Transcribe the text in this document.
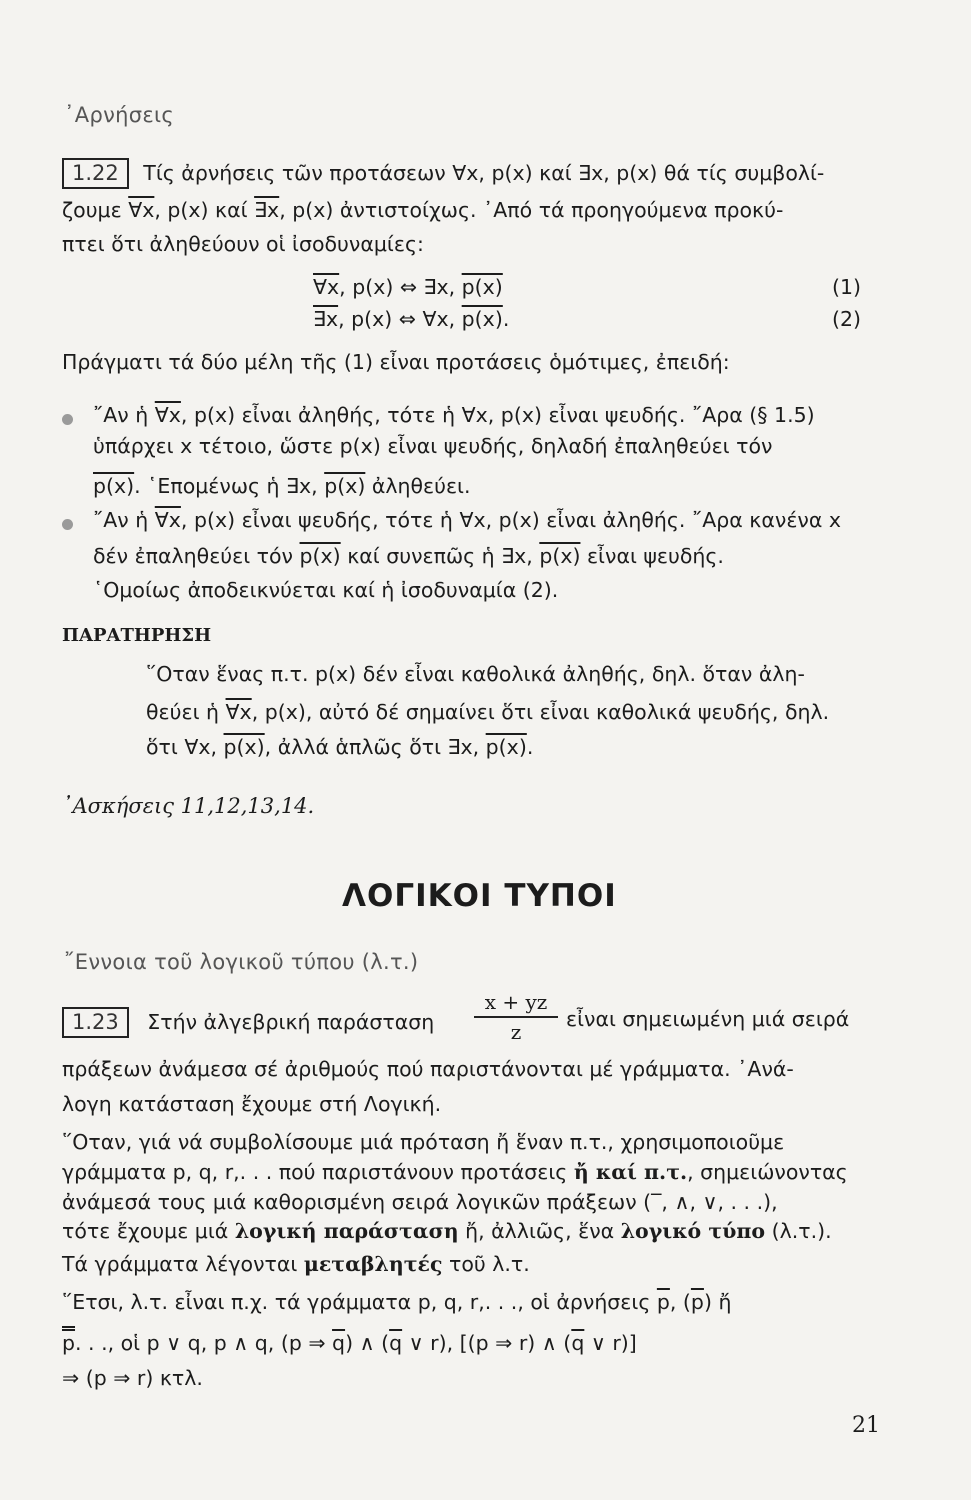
᾿Αρνήσεις
1.22 Τίς ἀρνήσεις τῶν προτάσεων ∀x, p(x) καί ∃x, p(x) θά τίς συμβολί-
ζουμε ∀x, p(x) καί ∃x, p(x) ἀντιστοίχως. ᾿Από τά προηγούμενα προκύ-
πτει ὅτι ἀληθεύουν οἱ ἰσοδυναμίες:
∀x, p(x) ⇔ ∃x, p(x)	(1)
∃x, p(x) ⇔ ∀x, p(x).	(2)
Πράγματι τά δύο μέλη τῆς (1) εἶναι προτάσεις ὁμότιμες, ἐπειδή:
῎Αν ἡ ∀x, p(x) εἶναι ἀληθής, τότε ἡ ∀x, p(x) εἶναι ψευδής. ῎Αρα (§ 1.5)
ὑπάρχει x τέτοιο, ὥστε p(x) εἶναι ψευδής, δηλαδή ἐπαληθεύει τόν
p(x). ῾Επομένως ἡ ∃x, p(x) ἀληθεύει.
῎Αν ἡ ∀x, p(x) εἶναι ψευδής, τότε ἡ ∀x, p(x) εἶναι ἀληθής. ῎Αρα κανένα x
δέν ἐπαληθεύει τόν p(x) καί συνεπῶς ἡ ∃x, p(x) εἶναι ψευδής.
῾Ομοίως ἀποδεικνύεται καί ἡ ἰσοδυναμία (2).
ΠΑΡΑΤΗΡΗΣΗ
῞Οταν ἕνας π.τ. p(x) δέν εἶναι καθολικά ἀληθής, δηλ. ὅταν ἀλη-
θεύει ἡ ∀x, p(x), αὐτό δέ σημαίνει ὅτι εἶναι καθολικά ψευδής, δηλ.
ὅτι ∀x, p(x), ἀλλά ἁπλῶς ὅτι ∃x, p(x).
᾿Ασκήσεις 11,12,13,14.
ΛΟΓΙΚΟΙ ΤΥΠΟΙ
῎Εννοια τοῦ λογικοῦ τύπου (λ.τ.)
1.23 Στήν ἀλγεβρική παράσταση
x + yz
z
εἶναι σημειωμένη μιά σειρά
πράξεων ἀνάμεσα σέ ἀριθμούς πού παριστάνονται μέ γράμματα. ᾿Ανά-
λογη κατάσταση ἔχουμε στή Λογική.
῞Οταν, γιά νά συμβολίσουμε μιά πρόταση ἤ ἕναν π.τ., χρησιμοποιοῦμε
γράμματα p, q, r,. . . πού παριστάνουν προτάσεις ἤ καί π.τ., σημειώνοντας
ἀνάμεσά τους μιά καθορισμένη σειρά λογικῶν πράξεων (‾, ∧, ∨, . . .),
τότε ἔχουμε μιά λογική παράσταση ἤ, ἀλλιῶς, ἕνα λογικό τύπο (λ.τ.).
Τά γράμματα λέγονται μεταβλητές τοῦ λ.τ.
῞Ετσι, λ.τ. εἶναι π.χ. τά γράμματα p, q, r,. . ., οἱ ἀρνήσεις $\overline{p}$, $(\overline{p})$ ἤ
p. . ., οἱ p ∨ q, p ∧ q, (p ⇒ $\overline{q}$) ∧ ($\overline{q}$ ∨ r), [(p ⇒ r) ∧ ($\overline{q}$ ∨ r)]
⇒ (p ⇒ r) κτλ.
21
